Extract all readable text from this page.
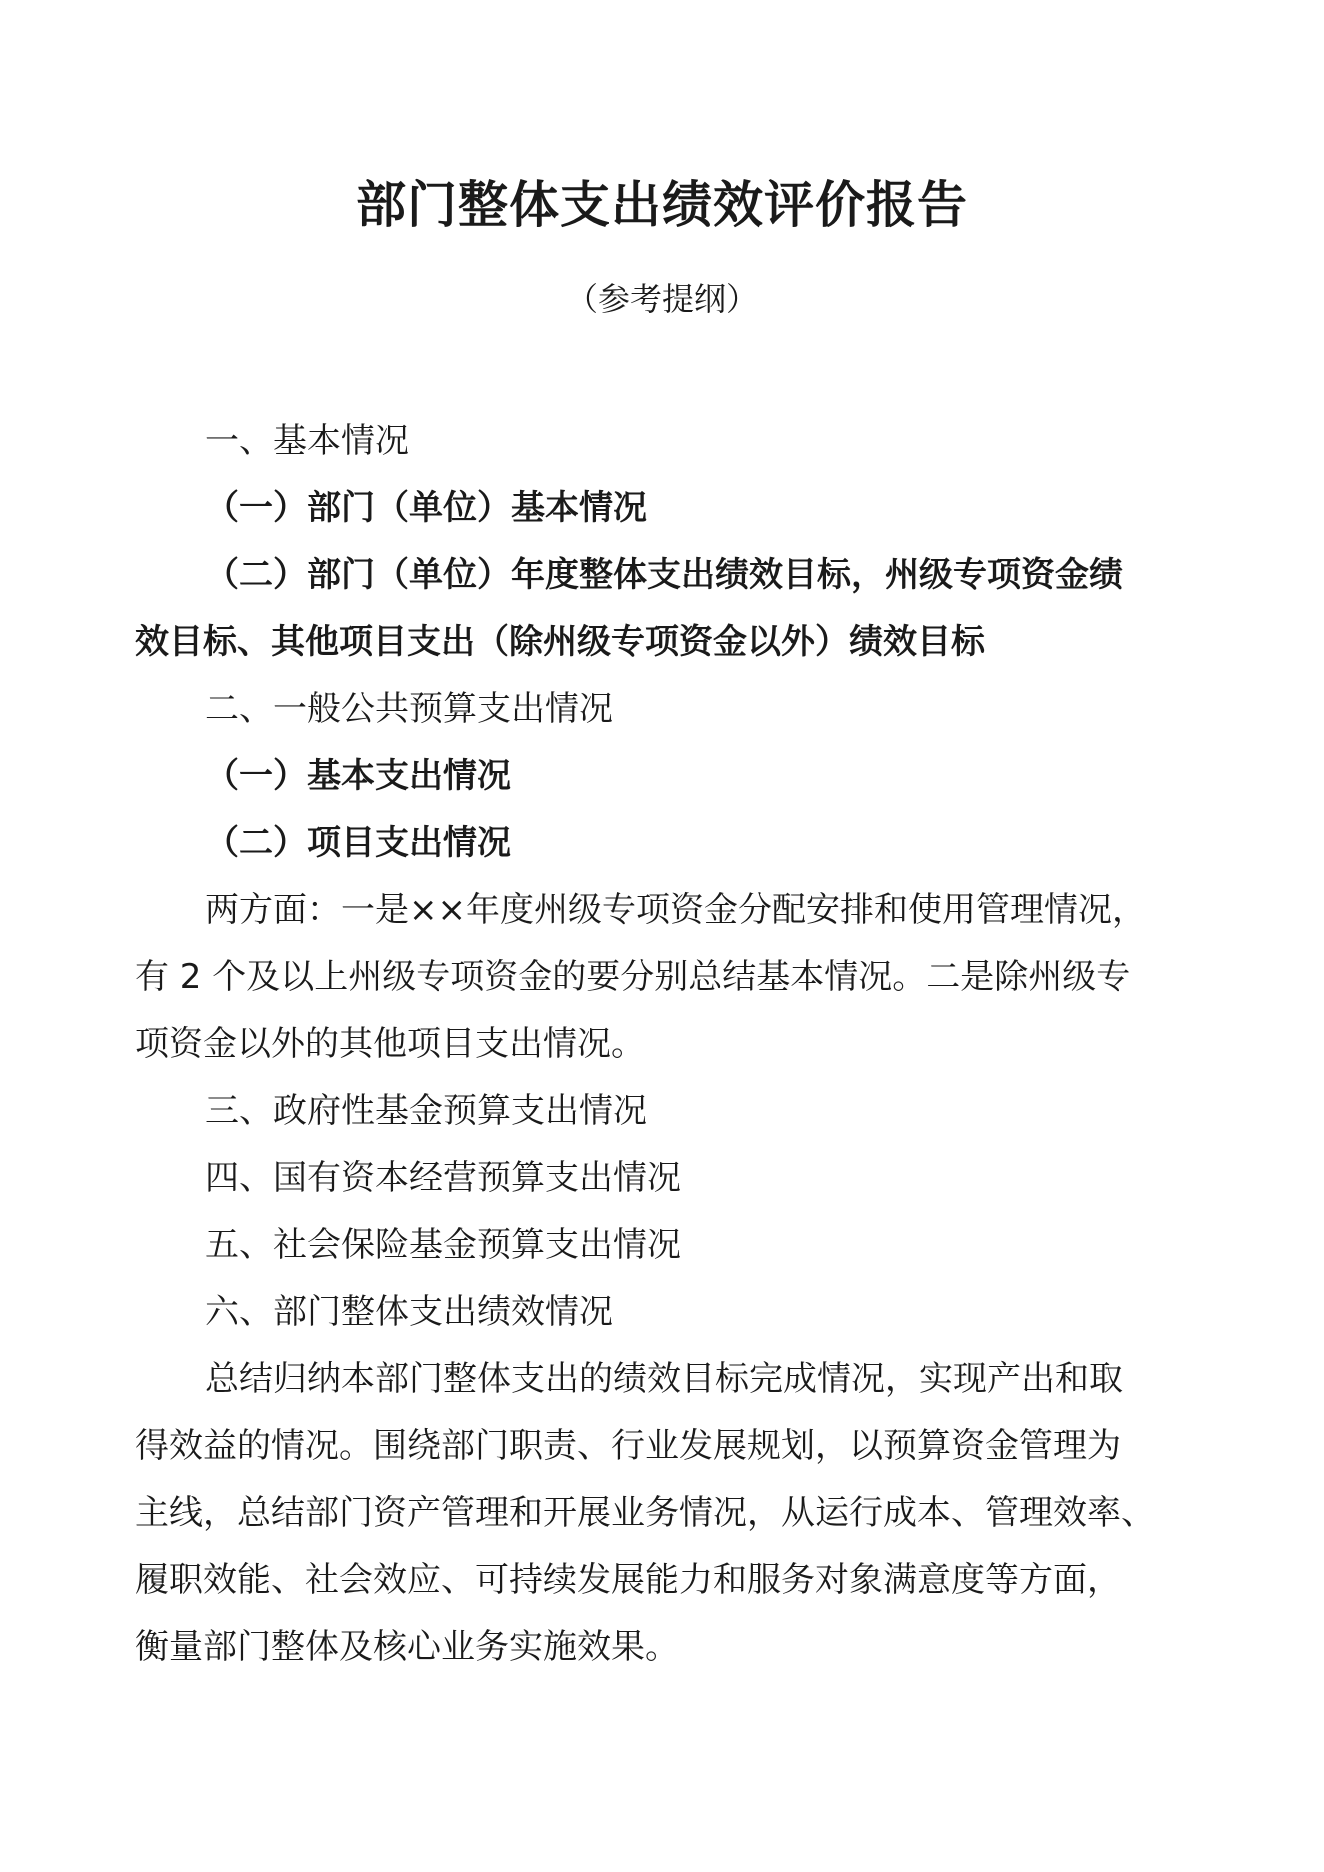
部门整体支出绩效评价报告
（参考提纲）

一、基本情况

（一）部门（单位）基本情况

（二）部门（单位）年度整体支出绩效目标，州级专项资金绩

效目标、其他项目支出（除州级专项资金以外）绩效目标

二、一般公共预算支出情况

（一）基本支出情况

（二）项目支出情况

两方面：一是××年度州级专项资金分配安排和使用管理情况，

有 2 个及以上州级专项资金的要分别总结基本情况。二是除州级专

项资金以外的其他项目支出情况。

三、政府性基金预算支出情况

四、国有资本经营预算支出情况

五、社会保险基金预算支出情况

六、部门整体支出绩效情况

总结归纳本部门整体支出的绩效目标完成情况，实现产出和取

得效益的情况。围绕部门职责、行业发展规划，以预算资金管理为

主线，总结部门资产管理和开展业务情况，从运行成本、管理效率、

履职效能、社会效应、可持续发展能力和服务对象满意度等方面，

衡量部门整体及核心业务实施效果。
